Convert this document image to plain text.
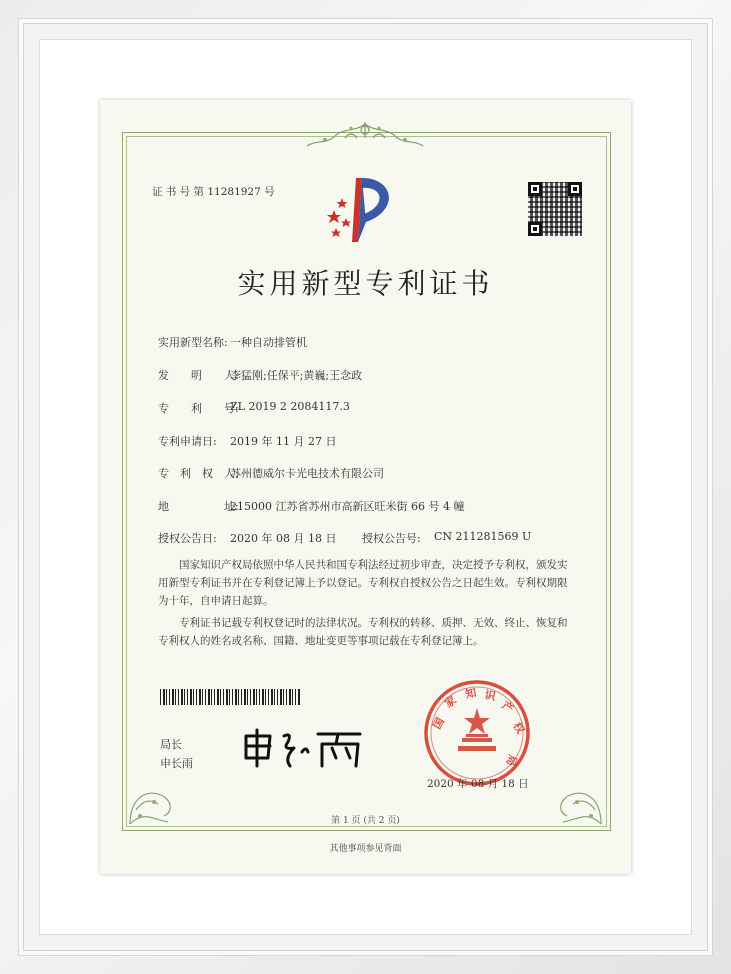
证 书 号 第 11281927 号
实用新型专利证书
实用新型名称: 一种自动排管机
发　　明　　人:
李猛刚;任保平;黄巍;王念政
专　　利　　号:
ZL 2019 2 2084117.3
专利申请日: 2019 年 11 月 27 日
专　利　权　人:
苏州德威尔卡光电技术有限公司
地　　　　　址:
215000 江苏省苏州市高新区旺米街 66 号 4 幢
授权公告日: 2020 年 08 月 18 日 授权公告号: CN 211281569 U
国家知识产权局依照中华人民共和国专利法经过初步审查，决定授予专利权，颁发实用新型专利证书并在专利登记簿上予以登记。专利权自授权公告之日起生效。专利权期限为十年，自申请日起算。
专利证书记载专利权登记时的法律状况。专利权的转移、质押、无效、终止、恢复和专利权人的姓名或名称、国籍、地址变更等事项记载在专利登记簿上。
局长
申长雨
国
家 知 识
产
权
局
2020 年 08 月 18 日
第 1 页 (共 2 页)
其他事项参见背面
